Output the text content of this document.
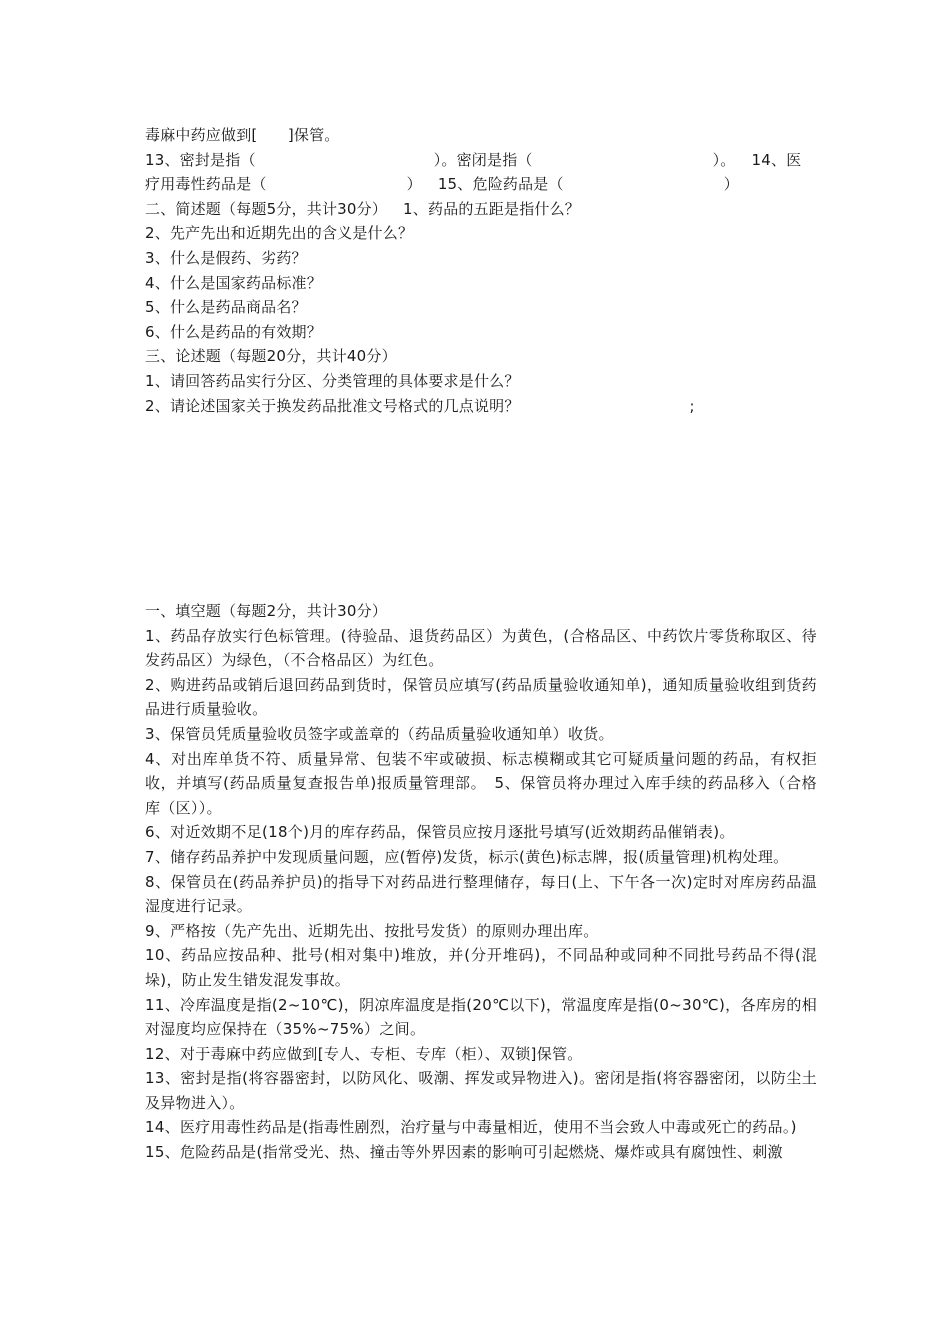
毒麻中药应做到[　　]保管。
13、密封是指（	）。密闭是指（	）。 14、医
疗用毒性药品是（	） 15、危险药品是（	）
二、简述题（每题5分，共计30分） 1、药品的五距是指什么？
2、先产先出和近期先出的含义是什么？
3、什么是假药、劣药？
4、什么是国家药品标准？
5、什么是药品商品名？
6、什么是药品的有效期？
三、论述题（每题20分，共计40分）
1、请回答药品实行分区、分类管理的具体要求是什么？
2、请论述国家关于换发药品批准文号格式的几点说明？	;
一、填空题（每题2分，共计30分）
1、药品存放实行色标管理。(待验品、退货药品区）为黄色，(合格品区、中药饮片零货称取区、待发药品区）为绿色，（不合格品区）为红色。
2、购进药品或销后退回药品到货时，保管员应填写(药品质量验收通知单)，通知质量验收组到货药品进行质量验收。
3、保管员凭质量验收员签字或盖章的（药品质量验收通知单）收货。
4、对出库单货不符、质量异常、包装不牢或破损、标志模糊或其它可疑质量问题的药品，有权拒收，并填写(药品质量复查报告单)报质量管理部。　5、保管员将办理过入库手续的药品移入（合格库（区））。
6、对近效期不足(18个)月的库存药品，保管员应按月逐批号填写(近效期药品催销表)。
7、储存药品养护中发现质量问题，应(暂停)发货，标示(黄色)标志牌，报(质量管理)机构处理。
8、保管员在(药品养护员)的指导下对药品进行整理储存，每日(上、下午各一次)定时对库房药品温湿度进行记录。
9、严格按（先产先出、近期先出、按批号发货）的原则办理出库。
10、药品应按品种、批号(相对集中)堆放，并(分开堆码)，不同品种或同种不同批号药品不得(混垛)，防止发生错发混发事故。
11、冷库温度是指(2~10℃)，阴凉库温度是指(20℃以下)，常温度库是指(0~30℃)，各库房的相对湿度均应保持在（35%~75%）之间。
12、对于毒麻中药应做到[专人、专柜、专库（柜）、双锁]保管。
13、密封是指(将容器密封，以防风化、吸潮、挥发或异物进入)。密闭是指(将容器密闭，以防尘土及异物进入）。
14、医疗用毒性药品是(指毒性剧烈，治疗量与中毒量相近，使用不当会致人中毒或死亡的药品。)
15、危险药品是(指常受光、热、撞击等外界因素的影响可引起燃烧、爆炸或具有腐蚀性、刺激
